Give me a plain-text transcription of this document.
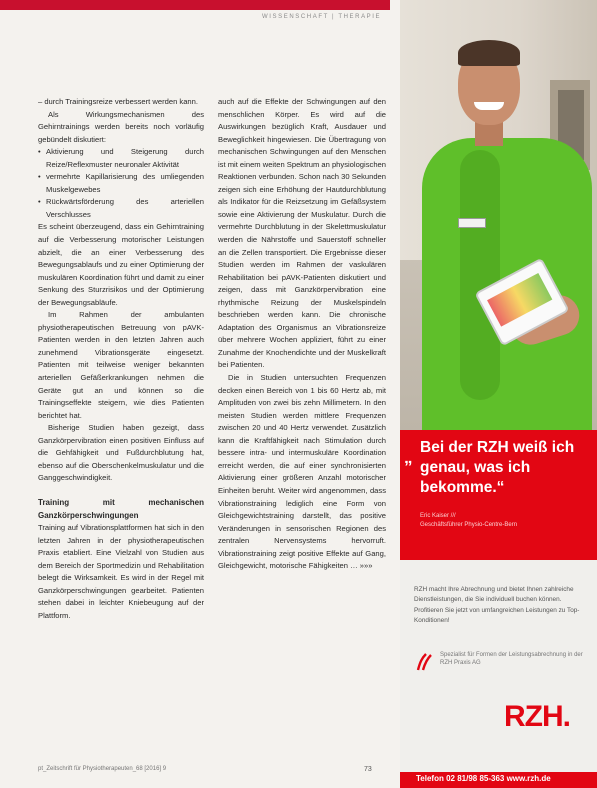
WISSENSCHAFT | THERAPIE

– durch Trainingsreize verbessert werden kann.

Als Wirkungsmechanismen des Gehirntrainings werden bereits noch vorläufig gebündelt diskutiert:

• Aktivierung und Steigerung durch Reize/Reflexmuster neuronaler Aktivität
• vermehrte Kapillarisierung des umliegenden Muskelgewebes
• Rückwärtsförderung des arteriellen Verschlusses

Es scheint überzeugend, dass ein Gehirntraining auf die Verbesserung motorischer Leistungen abzielt, die an einer Verbesserung des Bewegungsablaufs und zu einer Optimierung der muskulären Koordination führt und damit zu einer Senkung des Sturzrisikos und der Optimierung der Bewegungsabläufe.

Im Rahmen der ambulanten physiotherapeutischen Betreuung von pAVK-Patienten werden in den letzten Jahren auch zunehmend Vibrationsgeräte eingesetzt. Patienten mit teilweise weniger bekannten arteriellen Gefäßerkrankungen nehmen die Geräte gut an und können so die Trainingseffekte steigern, wie dies Patienten berichtet hat.

Bisherige Studien haben gezeigt, dass Ganzkörpervibration einen positiven Einfluss auf die Gehfähigkeit und Fußdurchblutung hat, ebenso auf die Oberschenkelmuskulatur und die Ganggeschwindigkeit.

Training mit mechanischen Ganzkörperschwingungen

Training auf Vibrationsplattformen hat sich in den letzten Jahren in der physiotherapeutischen Praxis etabliert. Eine Vielzahl von Studien aus dem Bereich der Sportmedizin und Rehabilitation belegt die Wirksamkeit. Es wird in der Regel mit Ganzkörperschwingungen gearbeitet. Patienten stehen dabei in leichter Kniebeugung auf der Plattform.

auch auf die Effekte der Schwingungen auf den menschlichen Körper. Es wird auf die Auswirkungen bezüglich Kraft, Ausdauer und Beweglichkeit hingewiesen. Die Übertragung von mechanischen Schwingungen auf den Menschen ist mit einem weiten Spektrum an physiologischen Reaktionen verbunden. Schon nach 30 Sekunden zeigen sich eine Erhöhung der Hautdurchblutung als Indikator für die Reizsetzung im Gefäßsystem sowie eine Aktivierung der Muskulatur. Durch die vermehrte Durchblutung in der Skelettmuskulatur werden die Nährstoffe und Sauerstoff schneller an die Zellen transportiert. Die Ergebnisse dieser Studien werden im Rahmen der vaskulären Rehabilitation bei pAVK-Patienten diskutiert und zeigen, dass mit Ganzkörpervibration eine rhythmische Reizung der Muskelspindeln beschrieben werden kann. Die chronische Adaptation des Organismus an Vibrationsreize über mehrere Wochen appliziert, führt zu einer Zunahme der Knochendichte und der Muskelkraft bei Patienten.

Die in Studien untersuchten Frequenzen decken einen Bereich von 1 bis 60 Hertz ab, mit Amplituden von zwei bis zehn Millimetern. In den meisten Studien werden mittlere Frequenzen zwischen 20 und 40 Hertz verwendet. Zusätzlich kann die Kraftfähigkeit nach Stimulation durch bessere intra- und intermuskuläre Koordination erreicht werden, die auf einer synchronisierten Aktivierung einer größeren Anzahl motorischer Einheiten beruht. Weiter wird angenommen, dass Vibrationstraining lediglich eine Form von Gleichgewichtstraining darstellt, das positive Veränderungen in sensorischen Regionen des zentralen Nervensystems hervorruft. Vibrationstraining zeigt positive Effekte auf Gang, Gleichgewicht, motorische Fähigkeiten … »»»

pt_Zeitschrift für Physiotherapeuten_68 [2016] 9	73
„
Bei der RZH weiß ich genau, was ich bekomme.“
Eric Kaiser ///
Geschäftsführer Physio-Centre-Bern
RZH macht Ihre Abrechnung und bietet Ihnen zahlreiche Dienstleistungen, die Sie individuell buchen können. Profitieren Sie jetzt von umfangreichen Leistungen zu Top-Konditionen!
Spezialist für Formen der Leistungsabrechnung in der RZH Praxis AG
RZH.
Telefon 02 81/98 85-363 www.rzh.de
